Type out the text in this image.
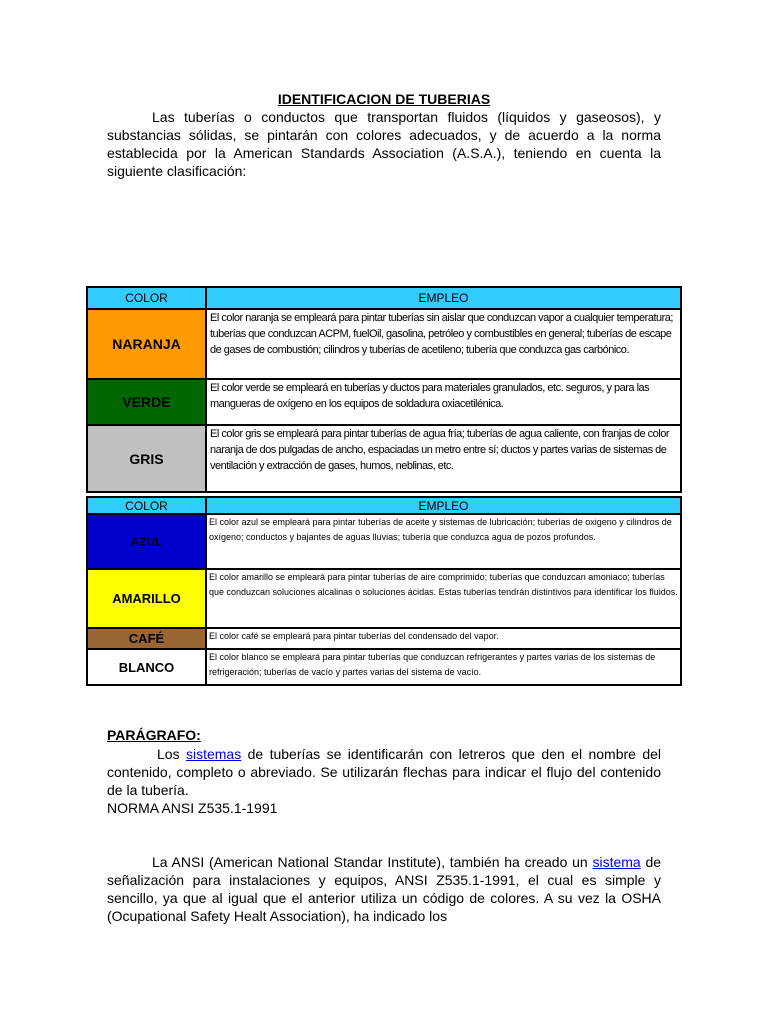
IDENTIFICACION DE TUBERIAS
Las tuberías o conductos que transportan fluidos (líquidos y gaseosos), y substancias sólidas, se pintarán con colores adecuados, y de acuerdo a la norma establecida por la American Standards Association (A.S.A.), teniendo en cuenta la siguiente clasificación:
COLOR	EMPLEO
NARANJA	El color naranja se empleará para pintar tuberías sin aislar que conduzcan vapor a cualquier temperatura; tuberías que conduzcan ACPM, fuelOil, gasolina, petróleo y combustibles en general; tuberías de escape de gases de combustión; cilindros y tuberías de acetileno; tubería que conduzca gas carbónico.
VERDE	El color verde se empleará en tuberías y ductos para materiales granulados, etc. seguros, y para las mangueras de oxígeno en los equipos de soldadura oxiacetilénica.
GRIS	El color gris se empleará para pintar tuberías de agua fría; tuberías de agua caliente, con franjas de color naranja de dos pulgadas de ancho, espaciadas un metro entre sí; ductos y partes varias de sistemas de ventilación y extracción de gases, humos, neblinas, etc.
COLOR	EMPLEO
AZUL	El color azul se empleará para pintar tuberías de aceite y sistemas de lubricación; tuberías de oxigeno y cilindros de oxígeno; conductos y bajantes de aguas lluvias; tubería que conduzca agua de pozos profundos.
AMARILLO	El color amarillo se empleará para pintar tuberías de aire comprimido; tuberías que conduzcan amoniaco; tuberías que conduzcan soluciones alcalinas o soluciones ácidas. Estas tuberías tendrán distintivos para identificar los fluidos.
CAFÉ	El color café se empleará para pintar tuberías del condensado del vapor.
BLANCO	El color blanco se empleará para pintar tuberías que conduzcan refrigerantes y partes varias de los sistemas de refrigeración; tuberías de vacío y partes varias del sistema de vacío.
PARÁGRAFO:
Los sistemas de tuberías se identificarán con letreros que den el nombre del contenido, completo o abreviado. Se utilizarán flechas para indicar el flujo del contenido de la tubería.
NORMA ANSI Z535.1-1991
La ANSI (American National Standar Institute), también ha creado un sistema de señalización para instalaciones y equipos, ANSI Z535.1-1991, el cual es simple y sencillo, ya que al igual que el anterior utiliza un código de colores. A su vez la OSHA (Ocupational Safety Healt Association), ha indicado los
